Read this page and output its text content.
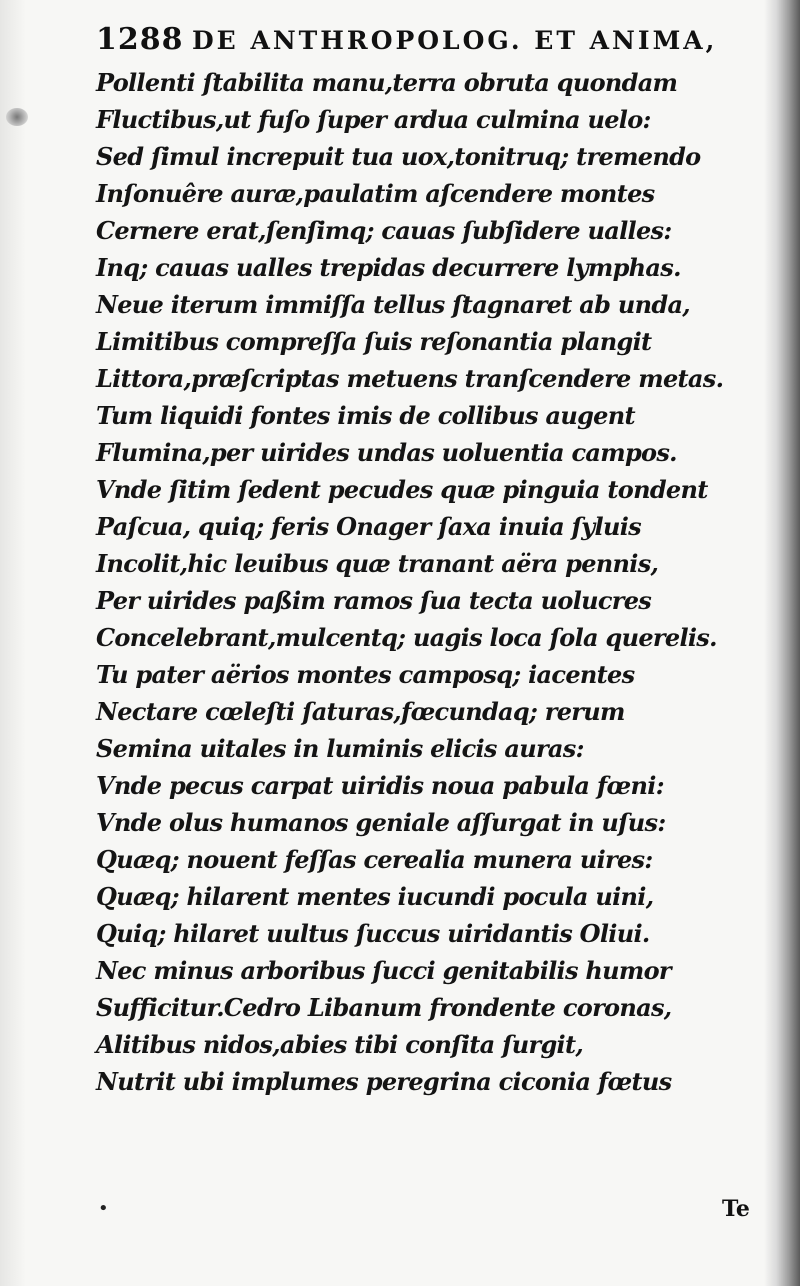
1288 DE ANTHROPOLOG. ET ANIMA,
Pollenti ſtabilita manu,terra obruta quondam
Fluctibus,ut fuſo ſuper ardua culmina uelo:
Sed ſimul increpuit tua uox,tonitruq; tremendo
Inſonuêre auræ,paulatim aſcendere montes
Cernere erat,ſenſimq; cauas ſubſidere ualles:
Inq; cauas ualles trepidas decurrere lymphas.
Neue iterum immiſſa tellus ſtagnaret ab unda,
Limitibus compreſſa ſuis reſonantia plangit
Littora,præſcriptas metuens tranſcendere metas.
Tum liquidi fontes imis de collibus augent
Flumina,per uirides undas uoluentia campos.
Vnde ſitim ſedent pecudes quæ pinguia tondent
Paſcua, quiq; feris Onager ſaxa inuia ſyluis
Incolit,hic leuibus quæ tranant aëra pennis,
Per uirides paßim ramos ſua tecta uolucres
Concelebrant,mulcentq; uagis loca ſola querelis.
Tu pater aërios montes camposq; iacentes
Nectare cœleſti ſaturas,fœcundaq; rerum
Semina uitales in luminis elicis auras:
Vnde pecus carpat uiridis noua pabula fœni:
Vnde olus humanos geniale aſſurgat in uſus:
Quæq; nouent feſſas cerealia munera uires:
Quæq; hilarent mentes iucundi pocula uini,
Quiq; hilaret uultus ſuccus uiridantis Oliui.
Nec minus arboribus ſucci genitabilis humor
Sufficitur.Cedro Libanum frondente coronas,
Alitibus nidos,abies tibi conſita ſurgit,
Nutrit ubi implumes peregrina ciconia fœtus
•	Te
